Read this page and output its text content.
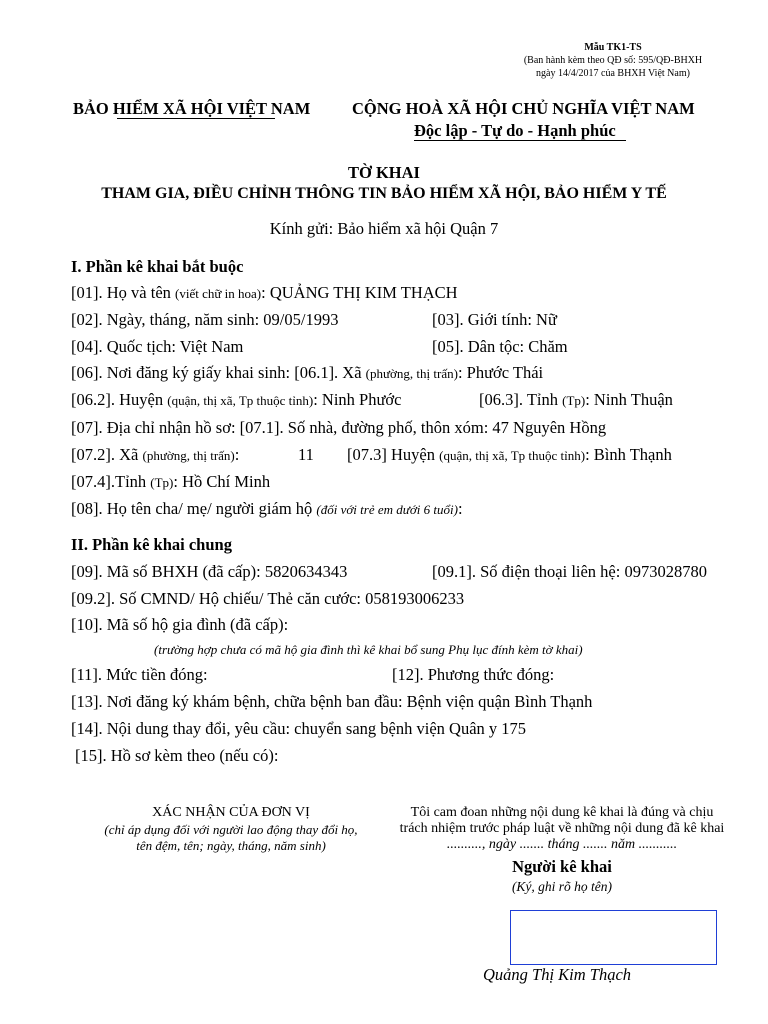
Mẫu TK1-TS
(Ban hành kèm theo QĐ số: 595/QĐ-BHXH
ngày 14/4/2017 của BHXH Việt Nam)
BẢO HIỂM XÃ HỘI VIỆT NAM	CỘNG HOÀ XÃ HỘI CHỦ NGHĨA VIỆT NAM
Độc lập - Tự do - Hạnh phúc
TỜ KHAI
THAM GIA, ĐIỀU CHỈNH THÔNG TIN BẢO HIỂM XÃ HỘI, BẢO HIỂM Y TẾ
Kính gửi: Bảo hiểm xã hội Quận 7
I. Phần kê khai bắt buộc
[01]. Họ và tên (viết chữ in hoa): QUẢNG THỊ KIM THẠCH
[02]. Ngày, tháng, năm sinh: 09/05/1993	[03]. Giới tính: Nữ
[04]. Quốc tịch: Việt Nam	[05]. Dân tộc: Chăm
[06]. Nơi đăng ký giấy khai sinh: [06.1]. Xã (phường, thị trấn): Phước Thái
[06.2]. Huyện (quận, thị xã, Tp thuộc tỉnh): Ninh Phước	[06.3]. Tỉnh (Tp): Ninh Thuận
[07]. Địa chỉ nhận hồ sơ: [07.1]. Số nhà, đường phố, thôn xóm: 47 Nguyên Hồng
[07.2]. Xã (phường, thị trấn):	11 [07.3] Huyện (quận, thị xã, Tp thuộc tỉnh): Bình Thạnh
[07.4].Tỉnh (Tp): Hồ Chí Minh
[08]. Họ tên cha/ mẹ/ người giám hộ (đối với trẻ em dưới 6 tuổi):
II. Phần kê khai chung
[09]. Mã số BHXH (đã cấp): 5820634343	[09.1]. Số điện thoại liên hệ: 0973028780
[09.2]. Số CMND/ Hộ chiếu/ Thẻ căn cước: 058193006233
[10]. Mã số hộ gia đình (đã cấp):
(trường hợp chưa có mã hộ gia đình thì kê khai bổ sung Phụ lục đính kèm tờ khai)
[11]. Mức tiền đóng:	[12]. Phương thức đóng:
[13]. Nơi đăng ký khám bệnh, chữa bệnh ban đầu: Bệnh viện quận Bình Thạnh
[14]. Nội dung thay đổi, yêu cầu: chuyển sang bệnh viện Quân y 175
[15]. Hồ sơ kèm theo (nếu có):
XÁC NHẬN CỦA ĐƠN VỊ
(chỉ áp dụng đối với người lao động thay đổi họ,
tên đệm, tên; ngày, tháng, năm sinh)
Tôi cam đoan những nội dung kê khai là đúng và chịu
trách nhiệm trước pháp luật về những nội dung đã kê khai
.........., ngày ....... tháng ....... năm ...........
Người kê khai
(Ký, ghi rõ họ tên)
Quảng Thị Kim Thạch
